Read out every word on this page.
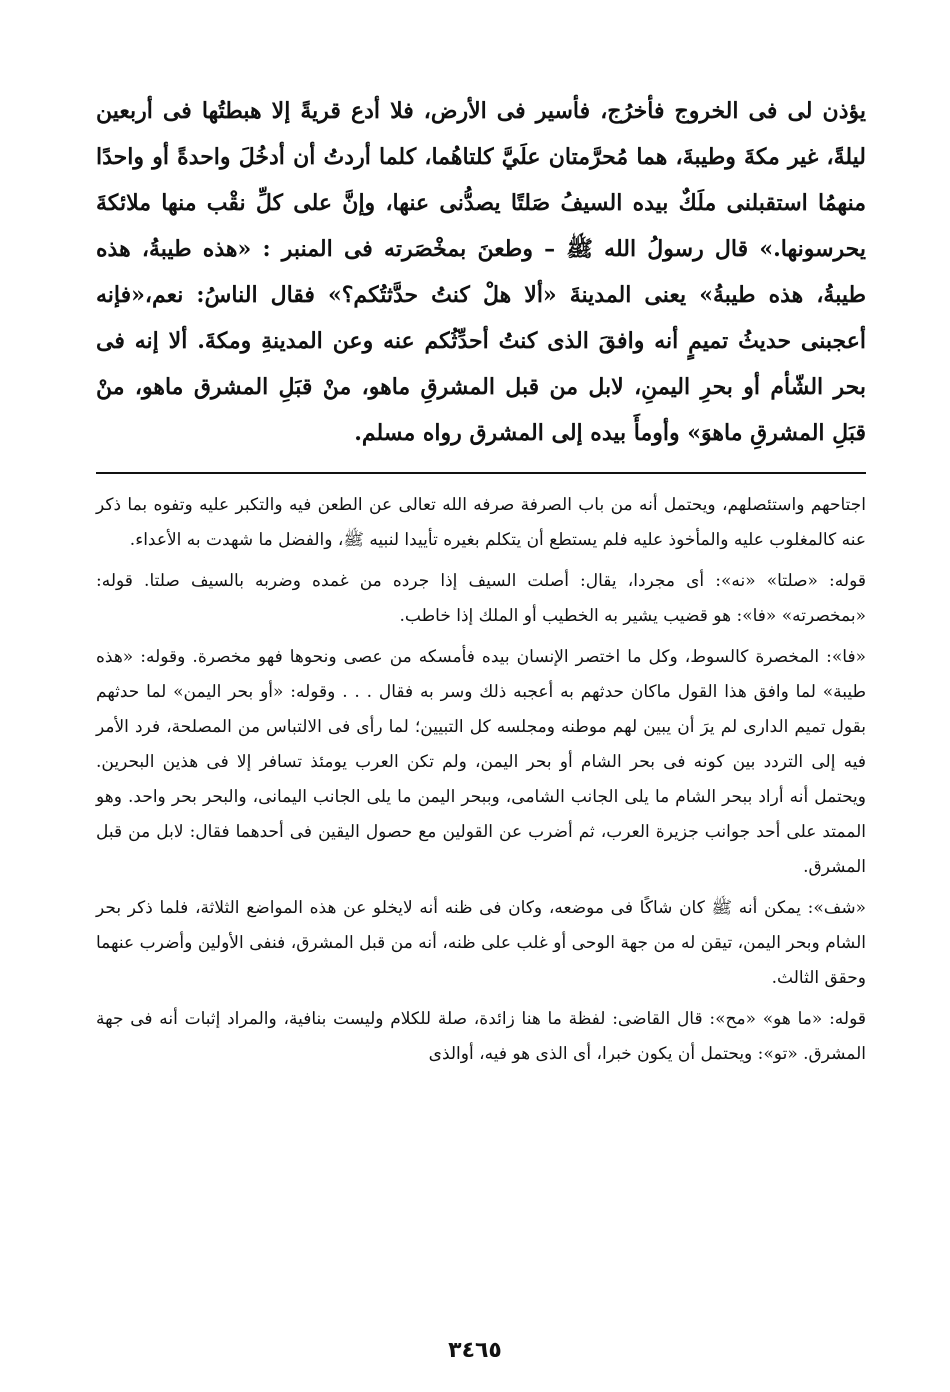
يؤذن لى فى الخروج فأخرُج، فأسير فى الأرض، فلا أدع قريةً إلا هبطتُها فى أربعين ليلةً، غير مكةَ وطيبةَ، هما مُحرَّمتان علَيَّ كلتاهُما، كلما أردتُ أن أدخُلَ واحدةً أو واحدًا منهمُا استقبلنى ملَكٌ بيده السيفُ صَلتًا يصدُّنى عنها، وإنَّ على كلِّ نقْب منها ملائكةَ يحرسونها.» قال رسولُ الله ﷺ – وطعنَ بمخْصَرته فى المنبر : «هذه طيبةُ، هذه طيبةُ، هذه طيبةُ» يعنى المدينةَ «ألا هلْ كنتُ حدَّثتُكم؟» فقال الناسُ: نعم،«فإنه أعجبنى حديثُ تميمٍ أنه وافقَ الذى كنتُ أحدِّثُكم عنه وعن المدينةِ ومكةَ. ألا إنه فى بحر الشّأم أو بحرِ اليمنِ، لابل من قبل المشرقِ ماهو، منْ قبَلِ المشرق ماهو، منْ قبَلِ المشرقِ ماهوَ» وأومأَ بيده إلى المشرق رواه مسلم.

اجتاحهم واستئصلهم، ويحتمل أنه من باب الصرفة صرفه الله تعالى عن الطعن فيه والتكبر عليه وتفوه بما ذكر عنه كالمغلوب عليه والمأخوذ عليه فلم يستطع أن يتكلم بغيره تأييدا لنبيه ﷺ، والفضل ما شهدت به الأعداء.

قوله: «صلتا» «نه»: أى مجردا، يقال: أصلت السيف إذا جرده من غمده وضربه بالسيف صلتا. قوله: «بمخصرته» «فا»: هو قضيب يشير به الخطيب أو الملك إذا خاطب.

«فا»: المخصرة كالسوط، وكل ما اختصر الإنسان بيده فأمسكه من عصى ونحوها فهو مخصرة. وقوله: «هذه طيبة» لما وافق هذا القول ماكان حدثهم به أعجبه ذلك وسر به فقال . . . وقوله: «أو بحر اليمن» لما حدثهم بقول تميم الدارى لم يرَ أن يبين لهم موطنه ومجلسه كل التبيين؛ لما رأى فى الالتباس من المصلحة، فرد الأمر فيه إلى التردد بين كونه فى بحر الشام أو بحر اليمن، ولم تكن العرب يومئذ تسافر إلا فى هذين البحرين. ويحتمل أنه أراد ببحر الشام ما يلى الجانب الشامى، وببحر اليمن ما يلى الجانب اليمانى، والبحر بحر واحد. وهو الممتد على أحد جوانب جزيرة العرب، ثم أضرب عن القولين مع حصول اليقين فى أحدهما فقال: لابل من قبل المشرق.

«شف»: يمكن أنه ﷺ كان شاكًا فى موضعه، وكان فى ظنه أنه لايخلو عن هذه المواضع الثلاثة، فلما ذكر بحر الشام وبحر اليمن، تيقن له من جهة الوحى أو غلب على ظنه، أنه من قبل المشرق، فنفى الأولين وأضرب عنهما وحقق الثالث.

قوله: «ما هو» «مح»: قال القاضى: لفظة ما هنا زائدة، صلة للكلام وليست بنافية، والمراد إثبات أنه فى جهة المشرق. «تو»: ويحتمل أن يكون خبرا، أى الذى هو فيه، أوالذى

٣٤٦٥
